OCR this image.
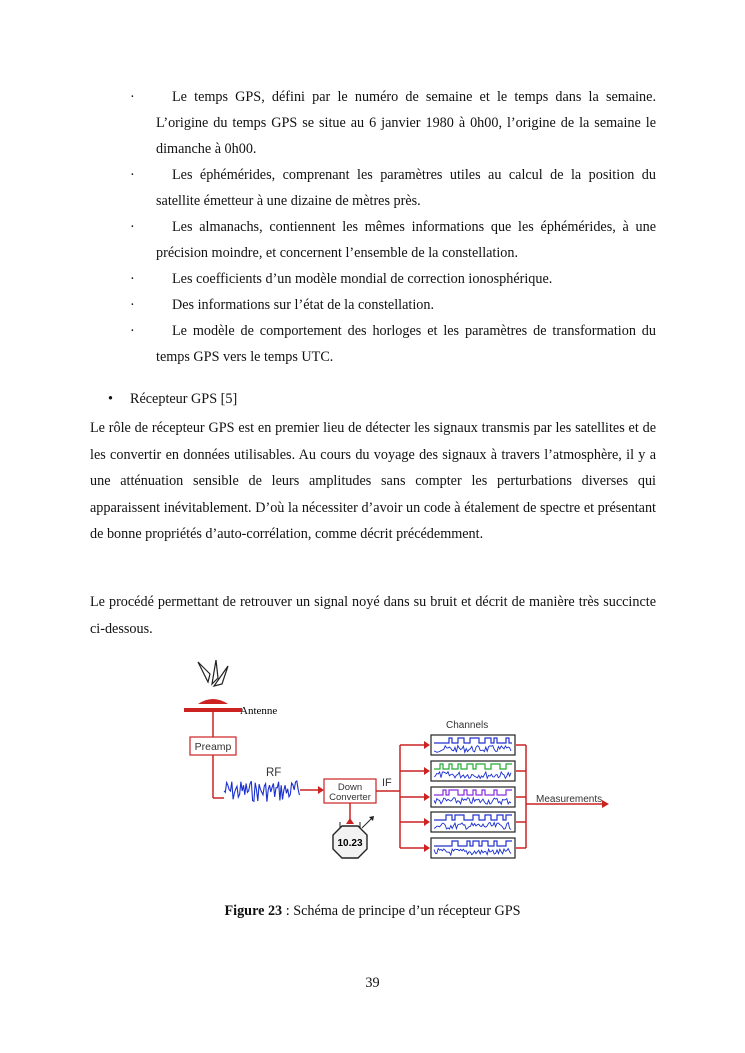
·	Le temps GPS, défini par le numéro de semaine et le temps dans la semaine. L’origine du temps GPS se situe au 6 janvier 1980 à 0h00, l’origine de la semaine le dimanche à 0h00.
·	Les éphémérides, comprenant les paramètres utiles au calcul de la position du satellite émetteur à une dizaine de mètres près.
·	Les almanachs, contiennent les mêmes informations que les éphémérides, à une précision moindre, et concernent l’ensemble de la constellation.
·	Les coefficients d’un modèle mondial de correction ionosphérique.
·	Des informations sur l’état de la constellation.
·	Le modèle de comportement des horloges et les paramètres de transformation du temps GPS vers le temps UTC.
• Récepteur GPS [5]
Le rôle de récepteur GPS est en premier lieu de détecter les signaux transmis par les satellites et de les convertir en données utilisables. Au cours du voyage des signaux à travers l’atmosphère, il y a une atténuation sensible de leurs amplitudes sans compter les perturbations diverses qui apparaissent inévitablement. D’où la nécessiter d’avoir un code à étalement de spectre et présentant de bonne propriétés d’auto-corrélation, comme décrit précédemment.
Le procédé permettant de retrouver un signal noyé dans su bruit et décrit de manière très succincte ci-dessous.
Antenne
Preamp
RF
Down
Converter
IF
10.23
Channels
Measurements
Figure 23 : Schéma de principe d’un récepteur GPS
39
